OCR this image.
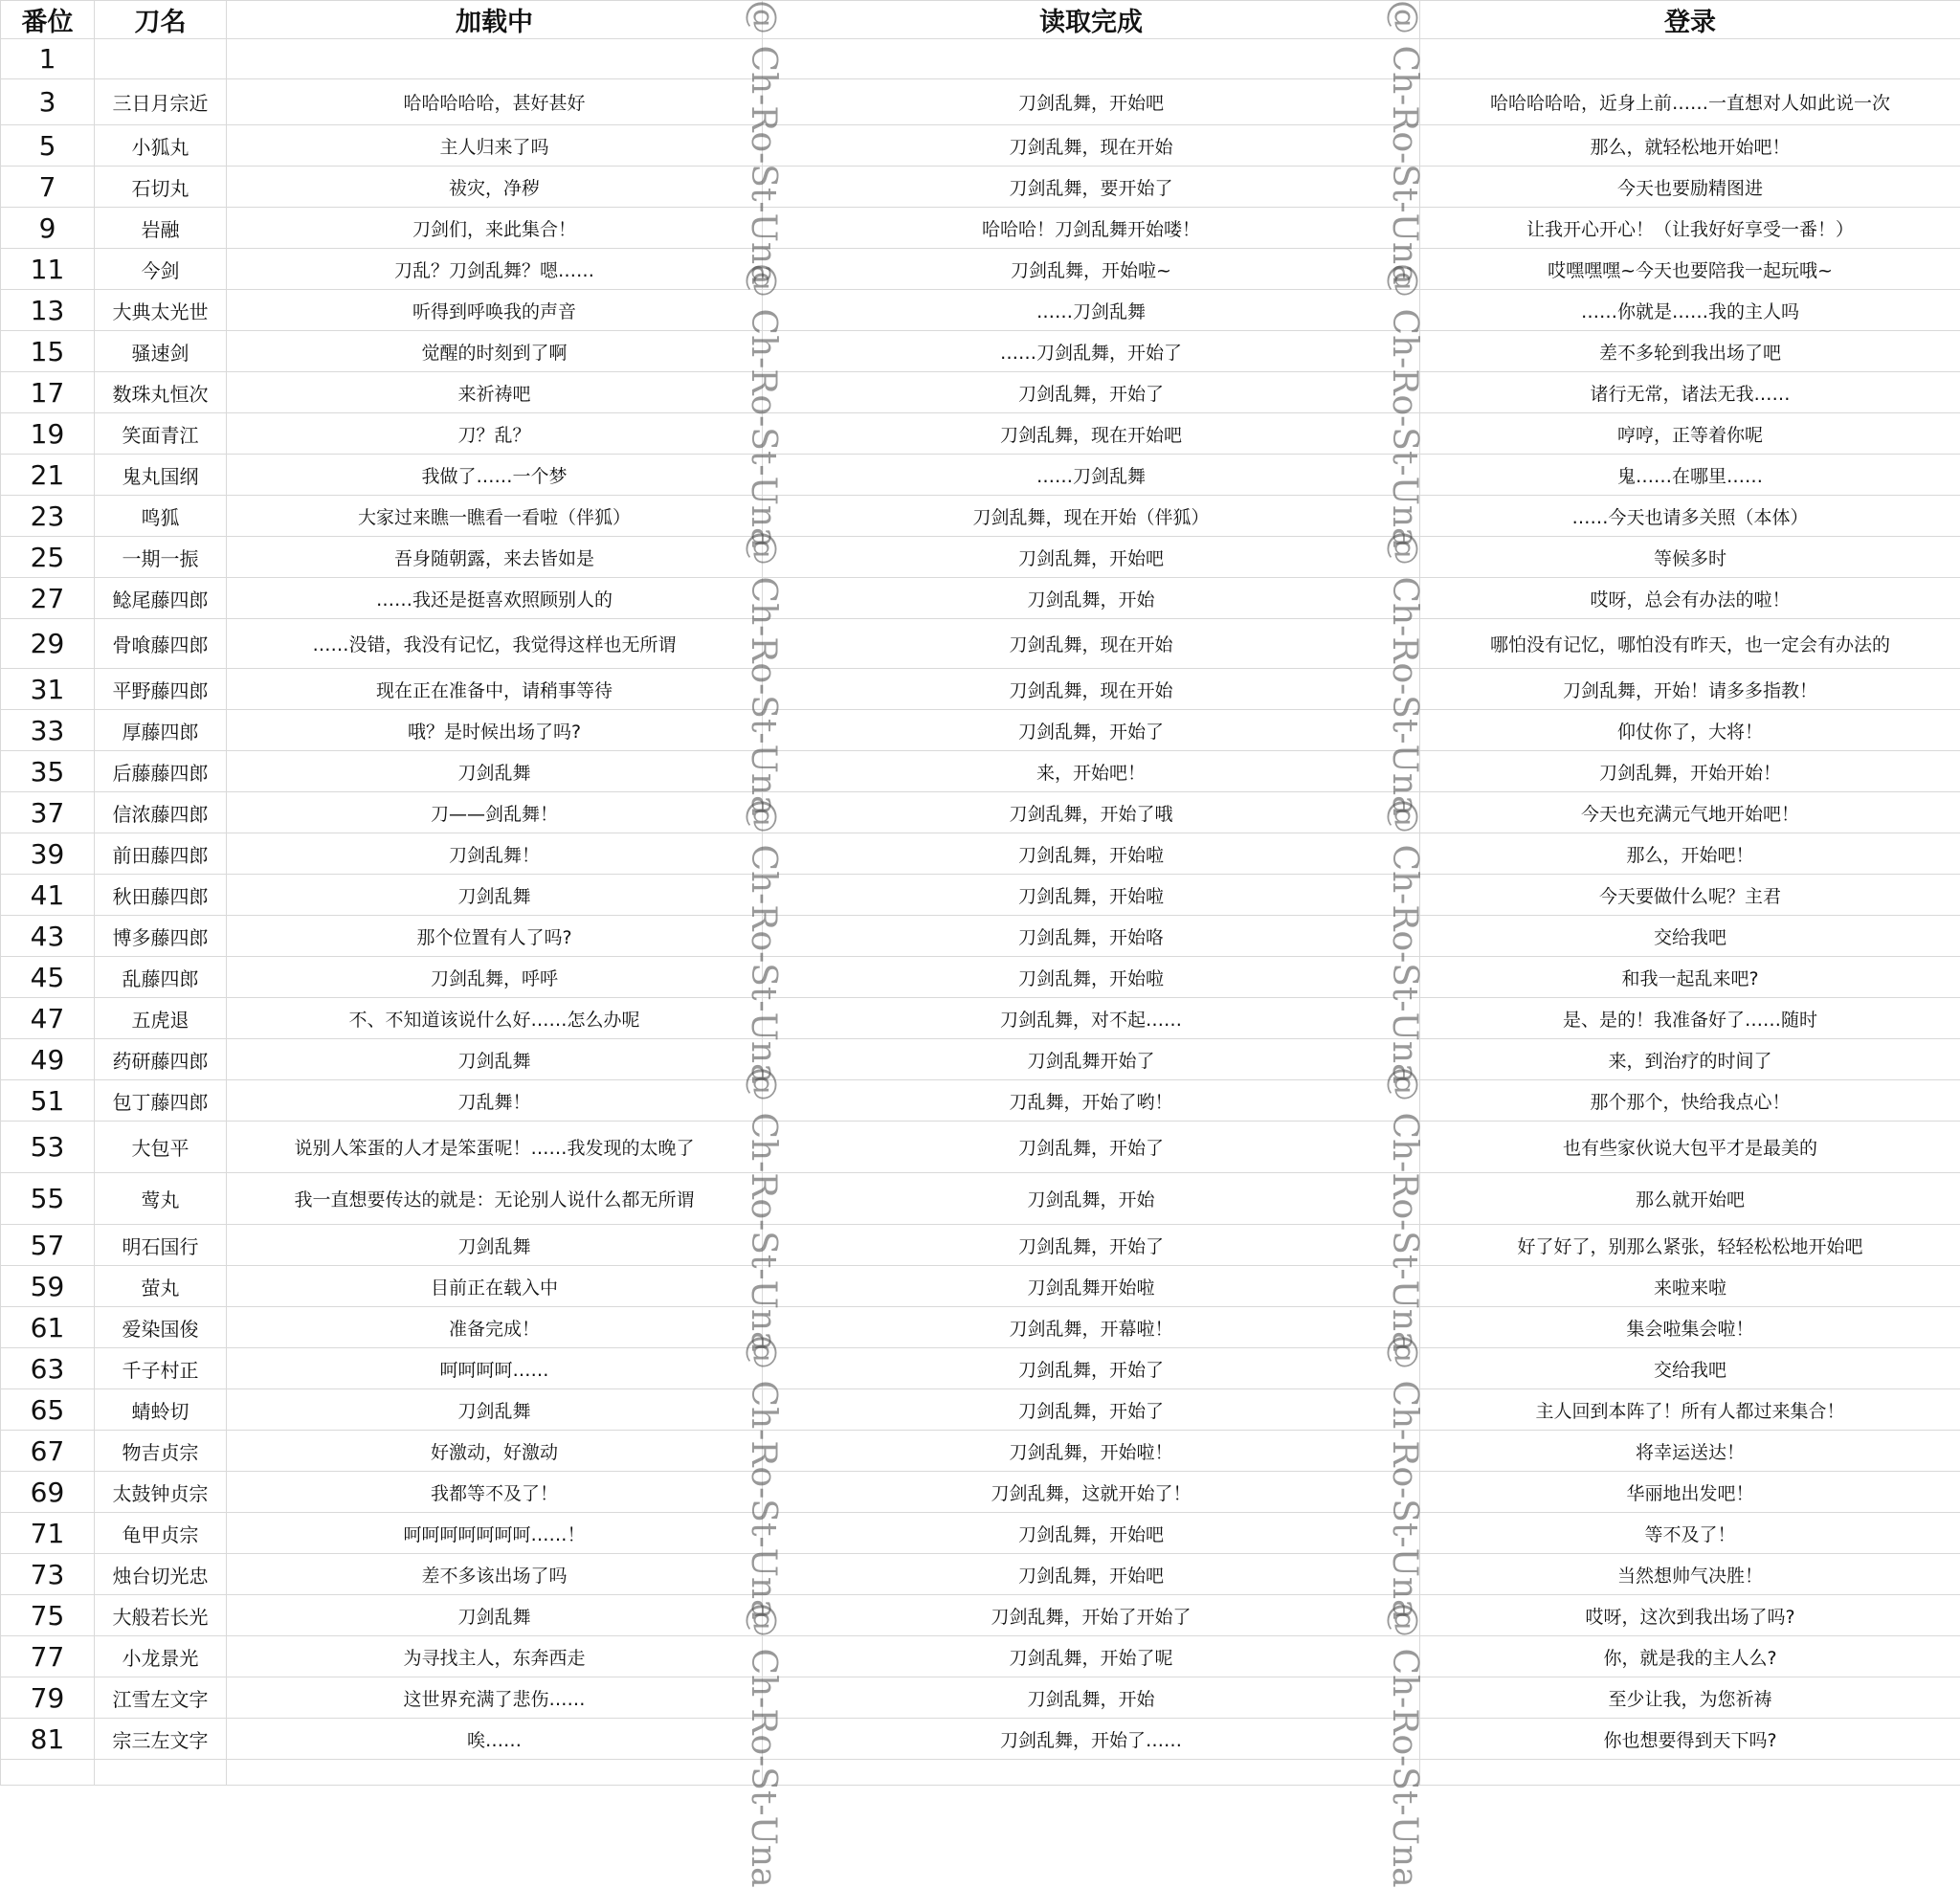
番位	刀名	加载中	读取完成	登录
1				
3	三日月宗近	哈哈哈哈哈，甚好甚好	刀剑乱舞，开始吧	哈哈哈哈哈，近身上前……一直想对人如此说一次
5	小狐丸	主人归来了吗	刀剑乱舞，现在开始	那么，就轻松地开始吧！
7	石切丸	祓灾，净秽	刀剑乱舞，要开始了	今天也要励精图进
9	岩融	刀剑们，来此集合！	哈哈哈！刀剑乱舞开始喽！	让我开心开心！（让我好好享受一番！）
11	今剑	刀乱？刀剑乱舞？嗯……	刀剑乱舞，开始啦~	哎嘿嘿嘿~今天也要陪我一起玩哦~
13	大典太光世	听得到呼唤我的声音	……刀剑乱舞	……你就是……我的主人吗
15	骚速剑	觉醒的时刻到了啊	……刀剑乱舞，开始了	差不多轮到我出场了吧
17	数珠丸恒次	来祈祷吧	刀剑乱舞，开始了	诸行无常，诸法无我……
19	笑面青江	刀？乱？	刀剑乱舞，现在开始吧	哼哼，正等着你呢
21	鬼丸国纲	我做了……一个梦	……刀剑乱舞	鬼……在哪里……
23	鸣狐	大家过来瞧一瞧看一看啦（伴狐）	刀剑乱舞，现在开始（伴狐）	……今天也请多关照（本体）
25	一期一振	吾身随朝露，来去皆如是	刀剑乱舞，开始吧	等候多时
27	鲶尾藤四郎	……我还是挺喜欢照顾别人的	刀剑乱舞，开始	哎呀，总会有办法的啦！
29	骨喰藤四郎	……没错，我没有记忆，我觉得这样也无所谓	刀剑乱舞，现在开始	哪怕没有记忆，哪怕没有昨天，也一定会有办法的
31	平野藤四郎	现在正在准备中，请稍事等待	刀剑乱舞，现在开始	刀剑乱舞，开始！请多多指教！
33	厚藤四郎	哦？是时候出场了吗?	刀剑乱舞，开始了	仰仗你了，大将！
35	后藤藤四郎	刀剑乱舞	来，开始吧！	刀剑乱舞，开始开始！
37	信浓藤四郎	刀——剑乱舞！	刀剑乱舞，开始了哦	今天也充满元气地开始吧！
39	前田藤四郎	刀剑乱舞！	刀剑乱舞，开始啦	那么，开始吧！
41	秋田藤四郎	刀剑乱舞	刀剑乱舞，开始啦	今天要做什么呢？主君
43	博多藤四郎	那个位置有人了吗?	刀剑乱舞，开始咯	交给我吧
45	乱藤四郎	刀剑乱舞，呼呼	刀剑乱舞，开始啦	和我一起乱来吧?
47	五虎退	不、不知道该说什么好……怎么办呢	刀剑乱舞，对不起……	是、是的！我准备好了……随时
49	药研藤四郎	刀剑乱舞	刀剑乱舞开始了	来，到治疗的时间了
51	包丁藤四郎	刀乱舞！	刀乱舞，开始了哟！	那个那个，快给我点心！
53	大包平	说别人笨蛋的人才是笨蛋呢！……我发现的太晚了	刀剑乱舞，开始了	也有些家伙说大包平才是最美的
55	莺丸	我一直想要传达的就是：无论别人说什么都无所谓	刀剑乱舞，开始	那么就开始吧
57	明石国行	刀剑乱舞	刀剑乱舞，开始了	好了好了，别那么紧张，轻轻松松地开始吧
59	萤丸	目前正在载入中	刀剑乱舞开始啦	来啦来啦
61	爱染国俊	准备完成！	刀剑乱舞，开幕啦！	集会啦集会啦！
63	千子村正	呵呵呵呵……	刀剑乱舞，开始了	交给我吧
65	蜻蛉切	刀剑乱舞	刀剑乱舞，开始了	主人回到本阵了！所有人都过来集合！
67	物吉贞宗	好激动，好激动	刀剑乱舞，开始啦！	将幸运送达！
69	太鼓钟贞宗	我都等不及了！	刀剑乱舞，这就开始了！	华丽地出发吧！
71	龟甲贞宗	呵呵呵呵呵呵呵……！	刀剑乱舞，开始吧	等不及了！
73	烛台切光忠	差不多该出场了吗	刀剑乱舞，开始吧	当然想帅气决胜！
75	大般若长光	刀剑乱舞	刀剑乱舞，开始了开始了	哎呀，这次到我出场了吗?
77	小龙景光	为寻找主人，东奔西走	刀剑乱舞，开始了呢	你，就是我的主人么?
79	江雪左文字	这世界充满了悲伤……	刀剑乱舞，开始	至少让我，为您祈祷
81	宗三左文字	唉……	刀剑乱舞，开始了……	你也想要得到天下吗?

@ Ch-Ro-St-Una
@ Ch-Ro-St-Una
@ Ch-Ro-St-Una
@ Ch-Ro-St-Una
@ Ch-Ro-St-Una
@ Ch-Ro-St-Una
@ Ch-Ro-St-Una
@ Ch-Ro-St-Una
@ Ch-Ro-St-Una
@ Ch-Ro-St-Una
@ Ch-Ro-St-Una
@ Ch-Ro-St-Una
@ Ch-Ro-St-Una
@ Ch-Ro-St-Una
